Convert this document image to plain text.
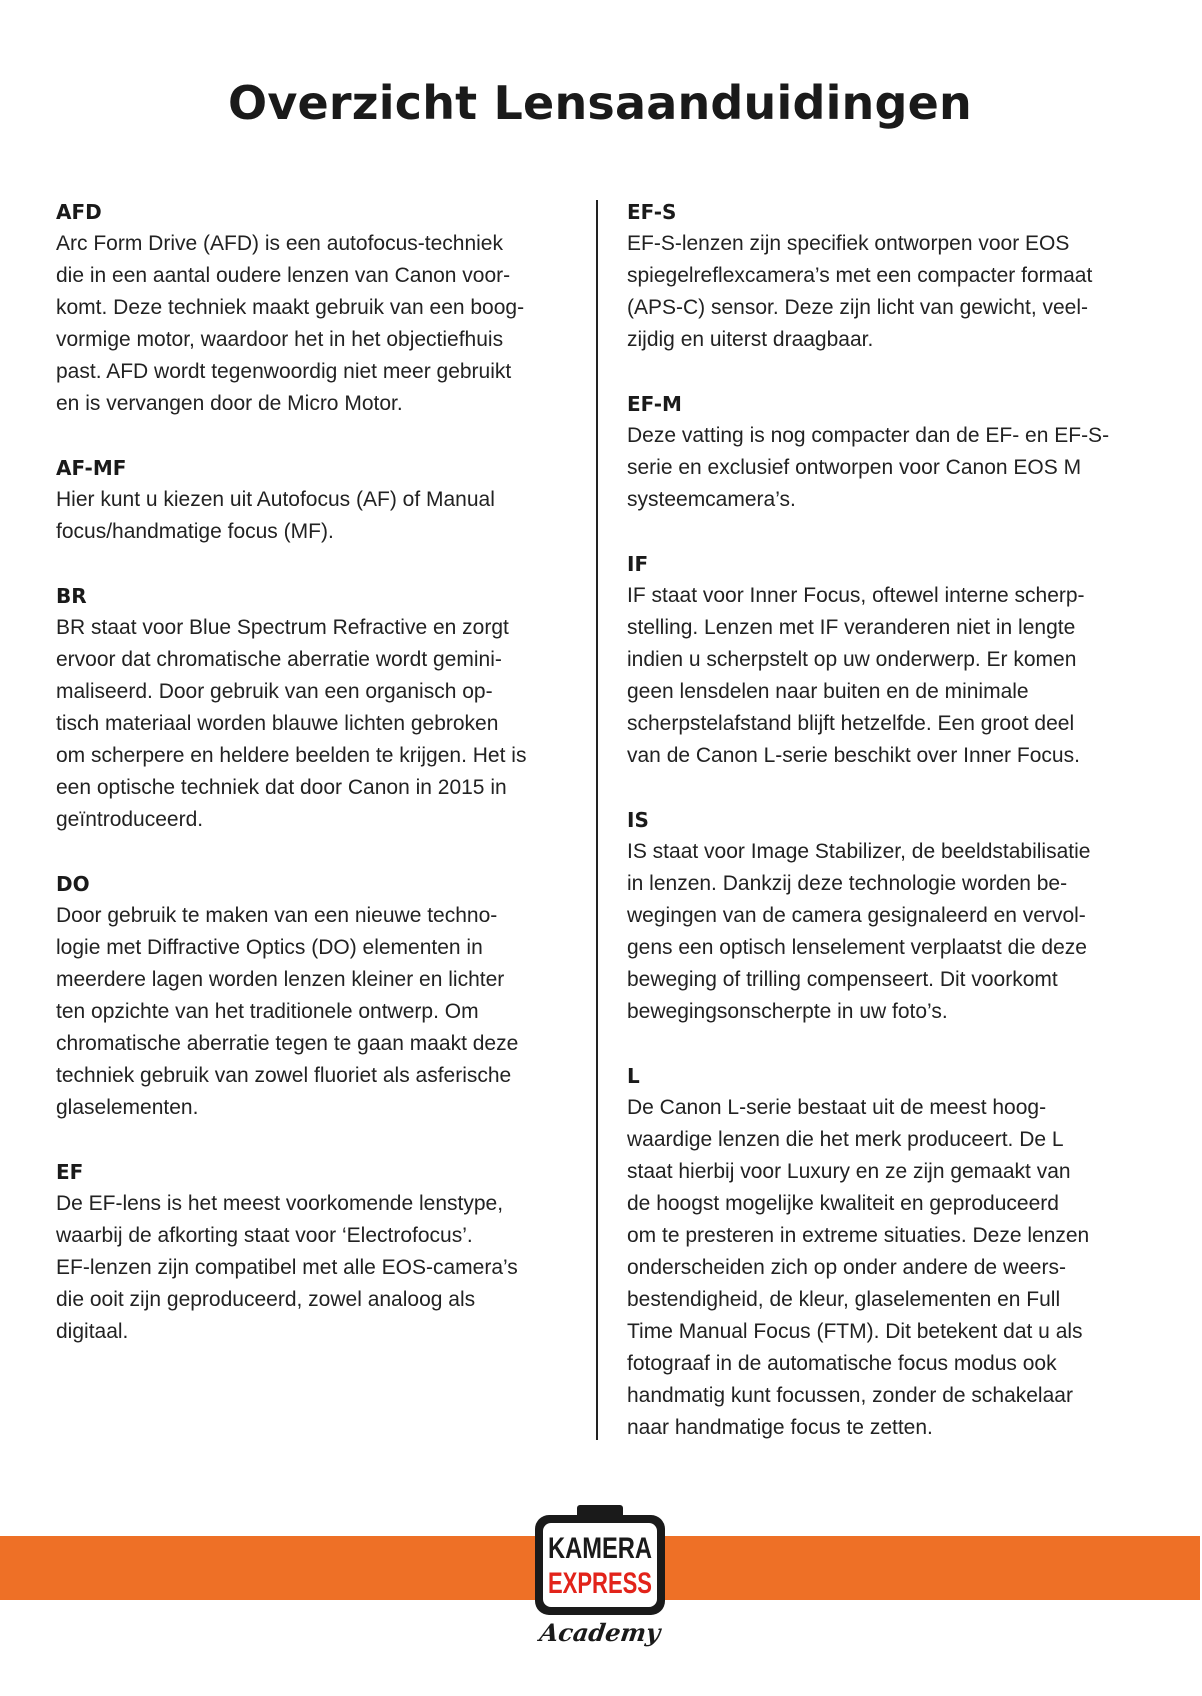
Overzicht Lensaanduidingen

AFD

Arc Form Drive (AFD) is een autofocus-techniek
die in een aantal oudere lenzen van Canon voor-
komt. Deze techniek maakt gebruik van een boog-
vormige motor, waardoor het in het objectiefhuis
past. AFD wordt tegenwoordig niet meer gebruikt
en is vervangen door de Micro Motor.

AF-MF

Hier kunt u kiezen uit Autofocus (AF) of Manual
focus/handmatige focus (MF).

BR

BR staat voor Blue Spectrum Refractive en zorgt
ervoor dat chromatische aberratie wordt gemini-
maliseerd. Door gebruik van een organisch op-
tisch materiaal worden blauwe lichten gebroken
om scherpere en heldere beelden te krijgen. Het is
een optische techniek dat door Canon in 2015 in
geïntroduceerd.

DO

Door gebruik te maken van een nieuwe techno-
logie met Diffractive Optics (DO) elementen in
meerdere lagen worden lenzen kleiner en lichter
ten opzichte van het traditionele ontwerp. Om
chromatische aberratie tegen te gaan maakt deze
techniek gebruik van zowel fluoriet als asferische
glaselementen.

EF

De EF-lens is het meest voorkomende lenstype,
waarbij de afkorting staat voor ‘Electrofocus’.
EF-lenzen zijn compatibel met alle EOS-camera’s
die ooit zijn geproduceerd, zowel analoog als
digitaal.

EF-S

EF-S-lenzen zijn specifiek ontworpen voor EOS
spiegelreflexcamera’s met een compacter formaat
(APS-C) sensor. Deze zijn licht van gewicht, veel-
zijdig en uiterst draagbaar.

EF-M

Deze vatting is nog compacter dan de EF- en EF-S-
serie en exclusief ontworpen voor Canon EOS M
systeemcamera’s.

IF

IF staat voor Inner Focus, oftewel interne scherp-
stelling. Lenzen met IF veranderen niet in lengte
indien u scherpstelt op uw onderwerp. Er komen
geen lensdelen naar buiten en de minimale
scherpstelafstand blijft hetzelfde. Een groot deel
van de Canon L-serie beschikt over Inner Focus.

IS

IS staat voor Image Stabilizer, de beeldstabilisatie
in lenzen. Dankzij deze technologie worden be-
wegingen van de camera gesignaleerd en vervol-
gens een optisch lenselement verplaatst die deze
beweging of trilling compenseert. Dit voorkomt
bewegingsonscherpte in uw foto’s.

L

De Canon L-serie bestaat uit de meest hoog-
waardige lenzen die het merk produceert. De L
staat hierbij voor Luxury en ze zijn gemaakt van
de hoogst mogelijke kwaliteit en geproduceerd
om te presteren in extreme situaties. Deze lenzen
onderscheiden zich op onder andere de weers-
bestendigheid, de kleur, glaselementen en Full
Time Manual Focus (FTM). Dit betekent dat u als
fotograaf in de automatische focus modus ook
handmatig kunt focussen, zonder de schakelaar
naar handmatige focus te zetten.

KAMERA
EXPRESS
Academy
